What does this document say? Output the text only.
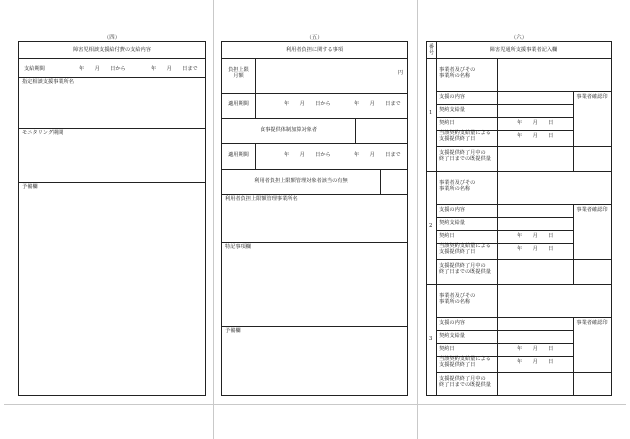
（四）
障害児相談支援給付費の支給内容
支給期間	年　　月　　日から	年　　月　　日まで
指定相談支援事業所名
モニタリング期間
予備欄
（五）
利用者負担に関する事項
負担上限
月額	円
適用期間	年　　月　　日から	年　　月　　日まで
食事提供体制加算対象者
適用期間	年　　月　　日から	年　　月　　日まで
利用者負担上限額管理対象者該当の有無
利用者負担上限額管理事業所名
特記事項欄
予備欄
（六）
番
号	障害児通所支援事業者記入欄
1
事業者及びその
事業所の名称
支援の内容	事業者確認印
契約支給量
契約日	年　　月　　日
当該契約支給量による
支援提供終了日	年　　月　　日
支援提供終了月中の
終了日までの既提供量
2
事業者及びその
事業所の名称
支援の内容	事業者確認印
契約支給量
契約日	年　　月　　日
当該契約支給量による
支援提供終了日	年　　月　　日
支援提供終了月中の
終了日までの既提供量
3
事業者及びその
事業所の名称
支援の内容	事業者確認印
契約支給量
契約日	年　　月　　日
当該契約支給量による
支援提供終了日	年　　月　　日
支援提供終了月中の
終了日までの既提供量
